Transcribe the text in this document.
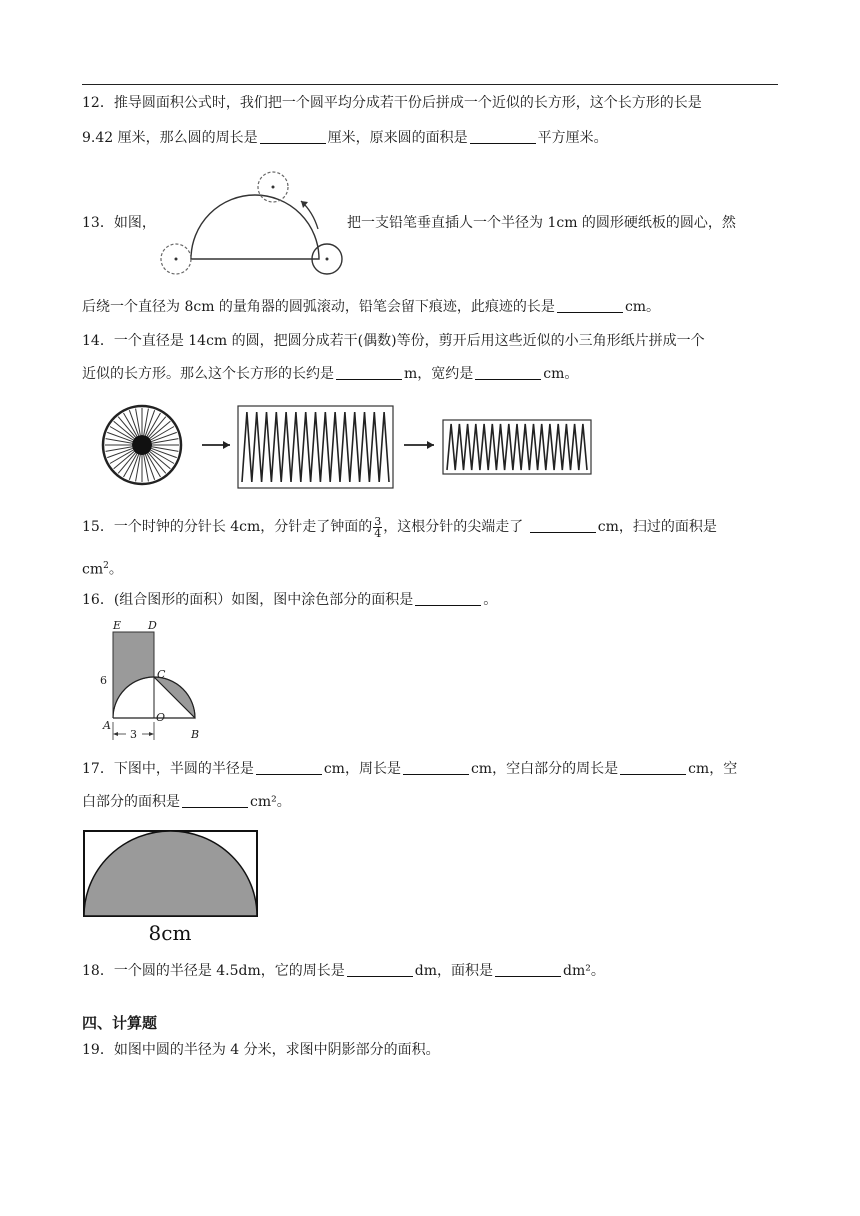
12．推导圆面积公式时，我们把一个圆平均分成若干份后拼成一个近似的长方形，这个长方形的长是
9.42 厘米，那么圆的周长是	厘米，原来圆的面积是	平方厘米。
13．如图，	把一支铅笔垂直插人一个半径为 1cm 的圆形硬纸板的圆心，然
后绕一个直径为 8cm 的量角器的圆弧滚动，铅笔会留下痕迹，此痕迹的长是	cm。
14．一个直径是 14cm 的圆，把圆分成若干(偶数)等份，剪开后用这些近似的小三角形纸片拼成一个
近似的长方形。那么这个长方形的长约是	m，宽约是	cm。
15．一个时钟的分针长 4cm，分针走了钟面的 $\frac{3}{4}$ ，这根分针的尖端走了	cm，扫过的面积是
$cm^2$。
16．(组合图形的面积）如图，图中涂色部分的面积是	。
E D
C
A
O
B
6
3
17．下图中，半圆的半径是	cm，周长是	cm，空白部分的周长是	cm，空
白部分的面积是	cm²。
8cm
18．一个圆的半径是 4.5dm，它的周长是	dm，面积是	dm²。
四、计算题
19．如图中圆的半径为 4 分米，求图中阴影部分的面积。
